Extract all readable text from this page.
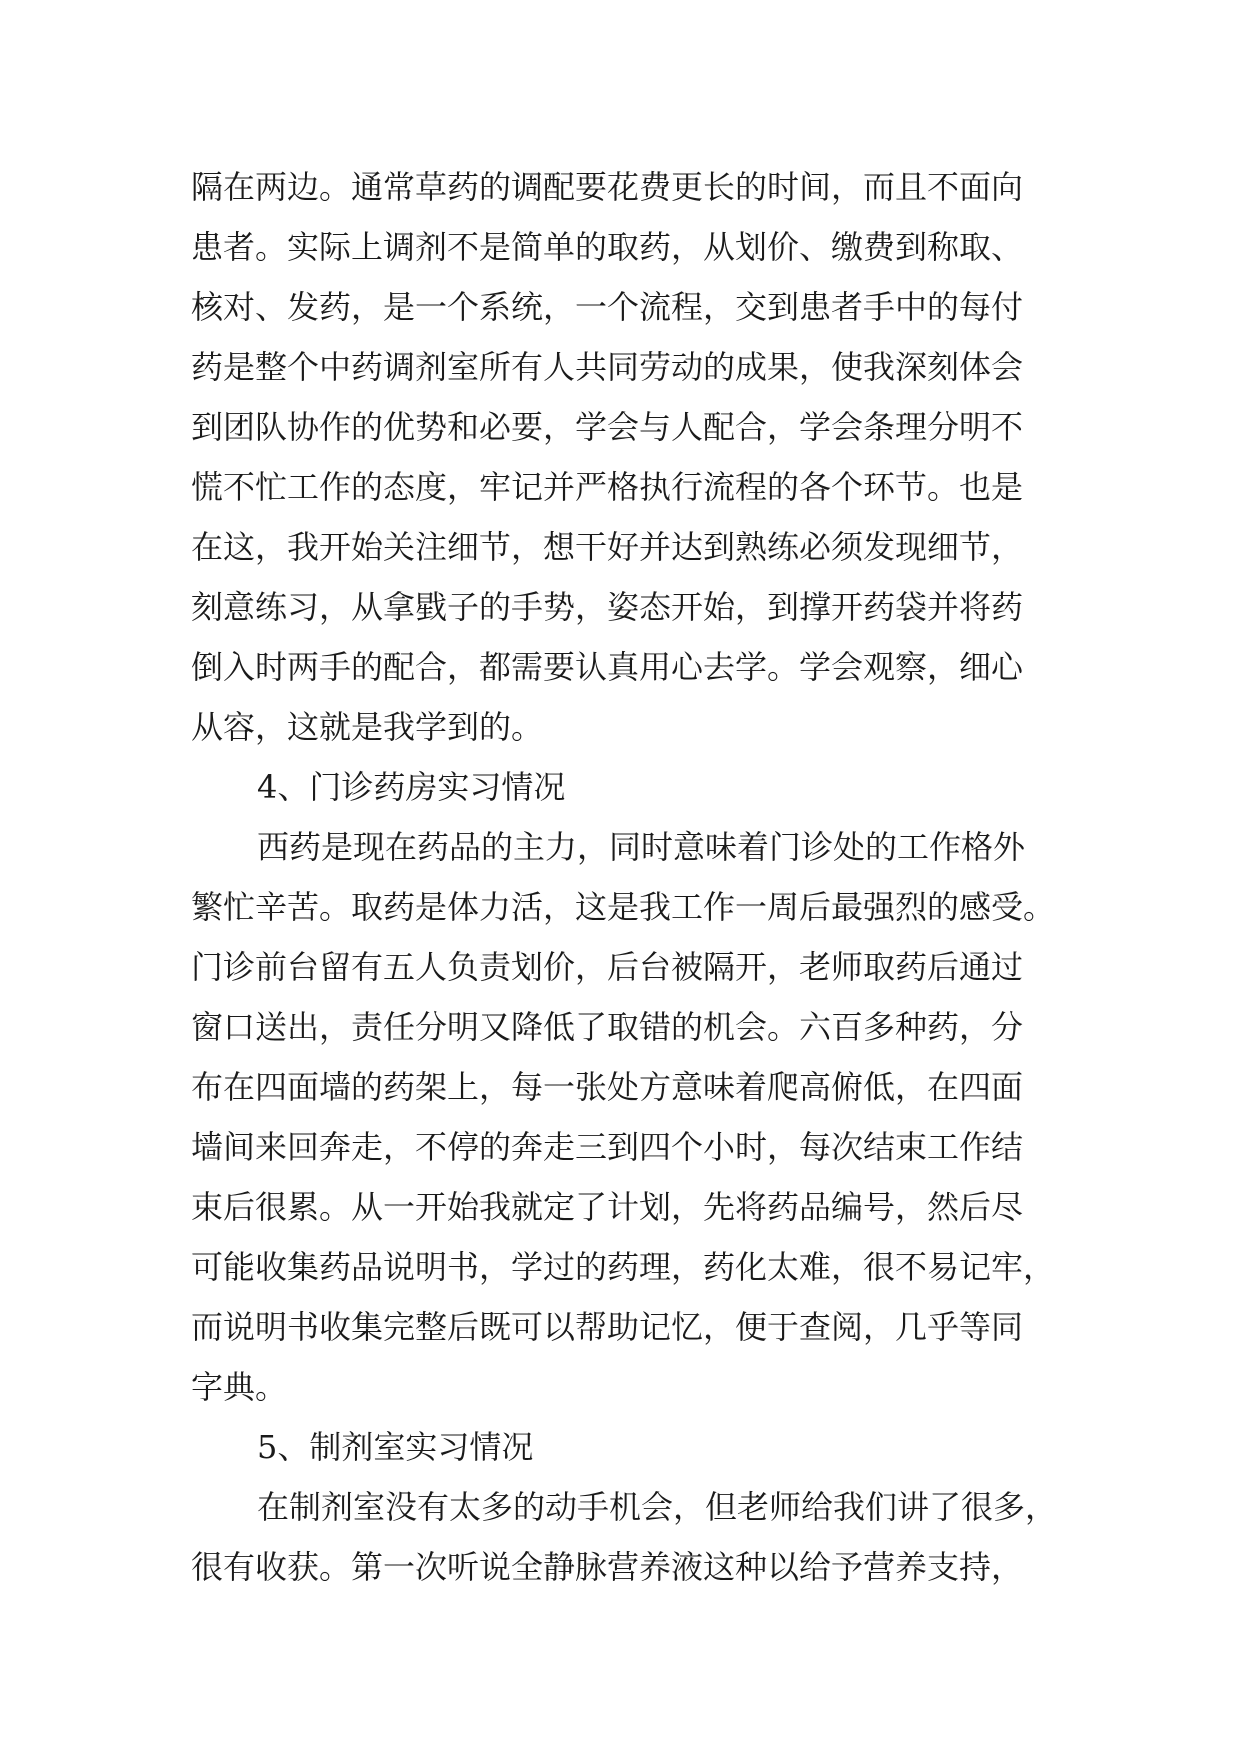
隔在两边。通常草药的调配要花费更长的时间，而且不面向

患者。实际上调剂不是简单的取药，从划价、缴费到称取、

核对、发药，是一个系统，一个流程，交到患者手中的每付

药是整个中药调剂室所有人共同劳动的成果，使我深刻体会

到团队协作的优势和必要，学会与人配合，学会条理分明不

慌不忙工作的态度，牢记并严格执行流程的各个环节。也是

在这，我开始关注细节，想干好并达到熟练必须发现细节，

刻意练习，从拿戥子的手势，姿态开始，到撑开药袋并将药

倒入时两手的配合，都需要认真用心去学。学会观察，细心

从容，这就是我学到的。

4、门诊药房实习情况

西药是现在药品的主力，同时意味着门诊处的工作格外

繁忙辛苦。取药是体力活，这是我工作一周后最强烈的感受。

门诊前台留有五人负责划价，后台被隔开，老师取药后通过

窗口送出，责任分明又降低了取错的机会。六百多种药，分

布在四面墙的药架上，每一张处方意味着爬高俯低，在四面

墙间来回奔走，不停的奔走三到四个小时，每次结束工作结

束后很累。从一开始我就定了计划，先将药品编号，然后尽

可能收集药品说明书，学过的药理，药化太难，很不易记牢，

而说明书收集完整后既可以帮助记忆，便于查阅，几乎等同

字典。

5、制剂室实习情况

在制剂室没有太多的动手机会，但老师给我们讲了很多，

很有收获。第一次听说全静脉营养液这种以给予营养支持，
